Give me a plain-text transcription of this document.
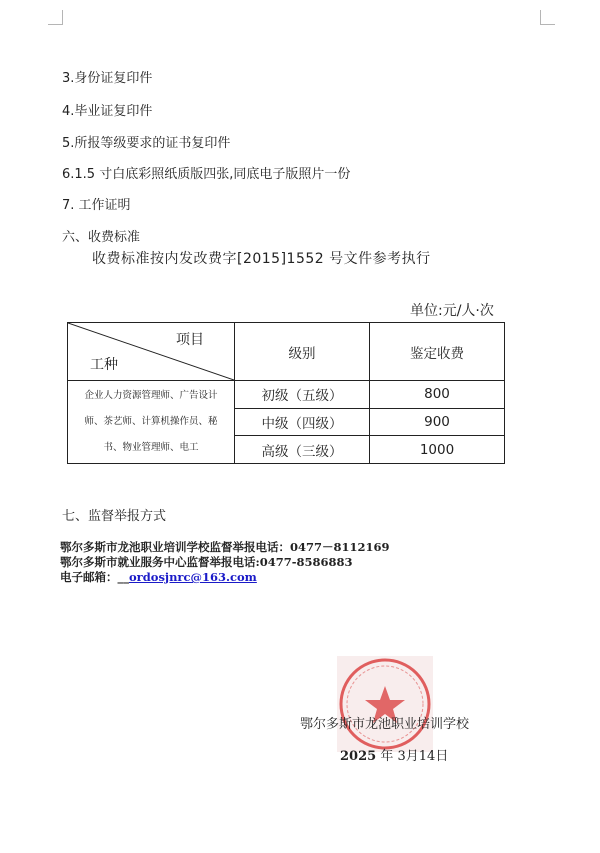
3.身份证复印件
4.毕业证复印件
5.所报等级要求的证书复印件
6.1.5 寸白底彩照纸质版四张,同底电子版照片一份
7. 工作证明
六、收费标准
收费标准按内发改费字[2015]1552 号文件参考执行
单位:元/人·次
项目
工种	级别	鉴定收费

企业人力资源管理师、广告设计
师、茶艺师、计算机操作员、秘
书、物业管理师、电工	初级（五级）	800
	中级（四级）	900
	高级（三级）	1000
七、监督举报方式
鄂尔多斯市龙池职业培训学校监督举报电话：0477－8112169
鄂尔多斯市就业服务中心监督举报电话:0477-8586883
电子邮箱：__ordosjnrc@163.com
鄂尔多斯市龙池职业培训学校
2025 年 3月14日
